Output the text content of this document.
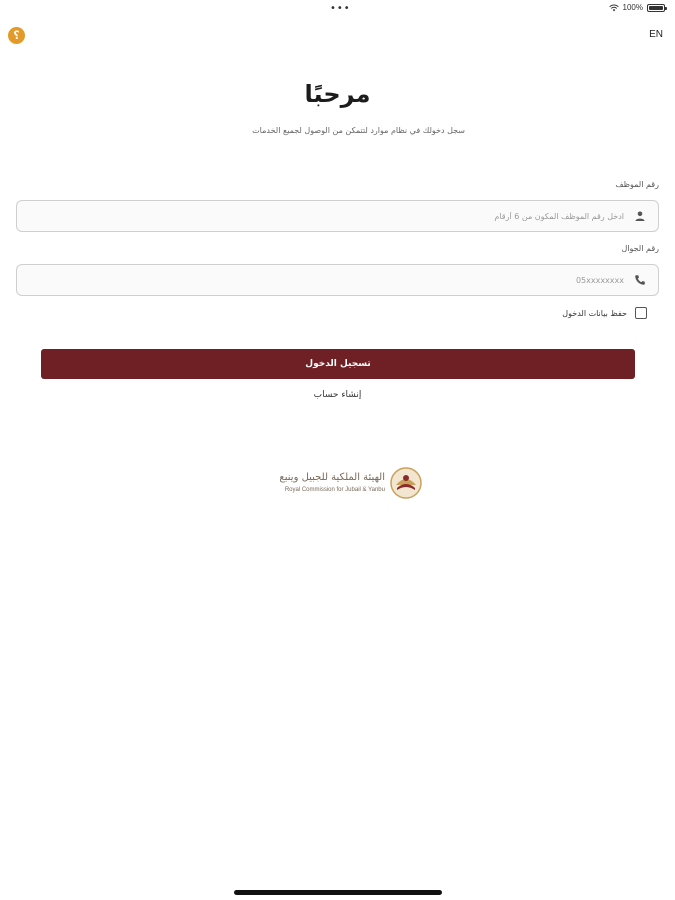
•••	100%
؟	EN
مرحبًا

سجل دخولك في نظام موارد لتتمكن من الوصول لجميع الخدمات

رقم الموظف
ادخل رقم الموظف المكون من 6 أرقام
رقم الجوال
05xxxxxxxx
حفظ بيانات الدخول
تسجيل الدخول
إنشاء حساب
الهيئة الملكية للجبيل وينبع
Royal Commission for Jubail & Yanbu
